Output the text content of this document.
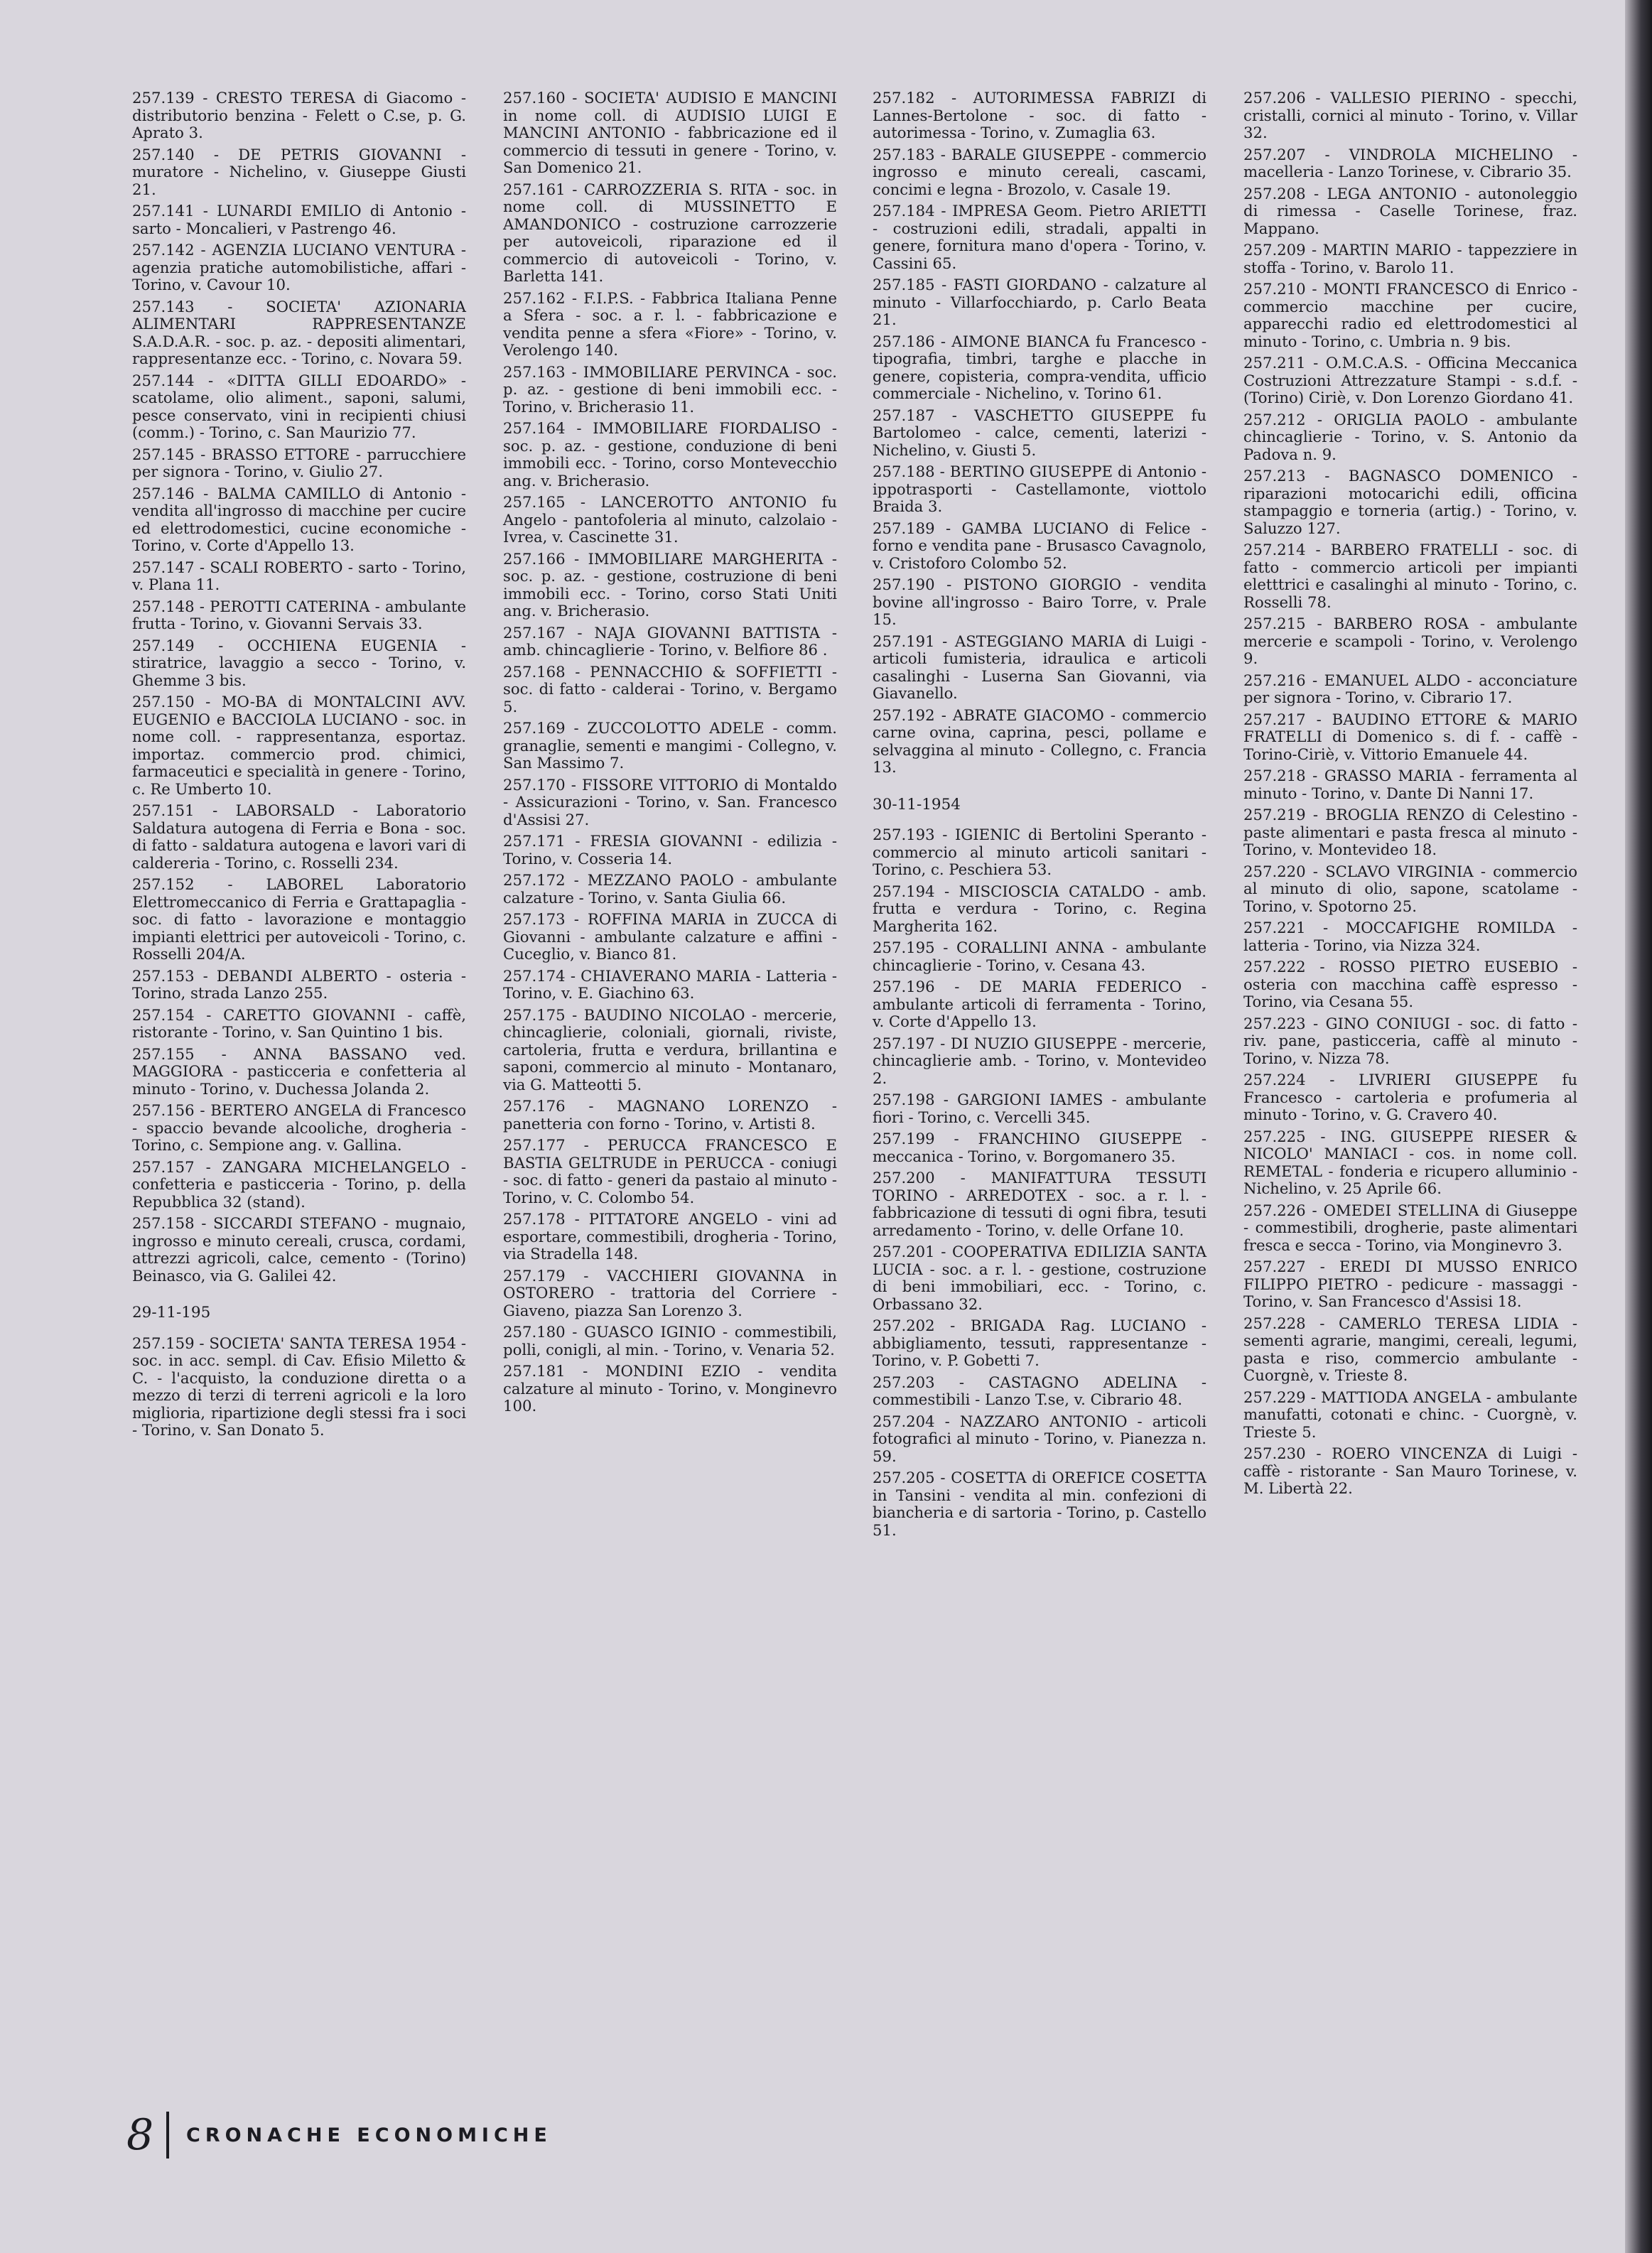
257.139 - CRESTO TERESA di Giacomo - distributorio benzina - Felett o C.se, p. G. Aprato 3.

257.140 - DE PETRIS GIOVANNI - muratore - Nichelino, v. Giuseppe Giusti 21.

257.141 - LUNARDI EMILIO di Antonio - sarto - Moncalieri, v Pastrengo 46.

257.142 - AGENZIA LUCIANO VENTURA - agenzia pratiche automobilistiche, affari - Torino, v. Cavour 10.

257.143 - SOCIETA' AZIONARIA ALIMENTARI RAPPRESENTANZE S.A.D.A.R. - soc. p. az. - depositi alimentari, rappresentanze ecc. - Torino, c. Novara 59.

257.144 - «DITTA GILLI EDOARDO» - scatolame, olio aliment., saponi, salumi, pesce conservato, vini in recipienti chiusi (comm.) - Torino, c. San Maurizio 77.

257.145 - BRASSO ETTORE - parrucchiere per signora - Torino, v. Giulio 27.

257.146 - BALMA CAMILLO di Antonio - vendita all'ingrosso di macchine per cucire ed elettrodomestici, cucine economiche - Torino, v. Corte d'Appello 13.

257.147 - SCALI ROBERTO - sarto - Torino, v. Plana 11.

257.148 - PEROTTI CATERINA - ambulante frutta - Torino, v. Giovanni Servais 33.

257.149 - OCCHIENA EUGENIA - stiratrice, lavaggio a secco - Torino, v. Ghemme 3 bis.

257.150 - MO-BA di MONTALCINI AVV. EUGENIO e BACCIOLA LUCIANO - soc. in nome coll. - rappresentanza, esportaz. importaz. commercio prod. chimici, farmaceutici e specialità in genere - Torino, c. Re Umberto 10.

257.151 - LABORSALD - Laboratorio Saldatura autogena di Ferria e Bona - soc. di fatto - saldatura autogena e lavori vari di caldereria - Torino, c. Rosselli 234.

257.152 - LABOREL Laboratorio Elettromeccanico di Ferria e Grattapaglia - soc. di fatto - lavorazione e montaggio impianti elettrici per autoveicoli - Torino, c. Rosselli 204/A.

257.153 - DEBANDI ALBERTO - osteria - Torino, strada Lanzo 255.

257.154 - CARETTO GIOVANNI - caffè, ristorante - Torino, v. San Quintino 1 bis.

257.155 - ANNA BASSANO ved. MAGGIORA - pasticceria e confetteria al minuto - Torino, v. Duchessa Jolanda 2.

257.156 - BERTERO ANGELA di Francesco - spaccio bevande alcooliche, drogheria - Torino, c. Sempione ang. v. Gallina.

257.157 - ZANGARA MICHELANGELO - confetteria e pasticceria - Torino, p. della Repubblica 32 (stand).

257.158 - SICCARDI STEFANO - mugnaio, ingrosso e minuto cereali, crusca, cordami, attrezzi agricoli, calce, cemento - (Torino) Beinasco, via G. Galilei 42.

29-11-195

257.159 - SOCIETA' SANTA TERESA 1954 - soc. in acc. sempl. di Cav. Efisio Miletto & C. - l'acquisto, la conduzione diretta o a mezzo di terzi di terreni agricoli e la loro miglioria, ripartizione degli stessi fra i soci - Torino, v. San Donato 5.

257.160 - SOCIETA' AUDISIO E MANCINI in nome coll. di AUDISIO LUIGI E MANCINI ANTONIO - fabbricazione ed il commercio di tessuti in genere - Torino, v. San Domenico 21.

257.161 - CARROZZERIA S. RITA - soc. in nome coll. di MUSSINETTO E AMANDONICO - costruzione carrozzerie per autoveicoli, riparazione ed il commercio di autoveicoli - Torino, v. Barletta 141.

257.162 - F.I.P.S. - Fabbrica Italiana Penne a Sfera - soc. a r. l. - fabbricazione e vendita penne a sfera «Fiore» - Torino, v. Verolengo 140.

257.163 - IMMOBILIARE PERVINCA - soc. p. az. - gestione di beni immobili ecc. - Torino, v. Bricherasio 11.

257.164 - IMMOBILIARE FIORDALISO - soc. p. az. - gestione, conduzione di beni immobili ecc. - Torino, corso Montevecchio ang. v. Bricherasio.

257.165 - LANCEROTTO ANTONIO fu Angelo - pantofoleria al minuto, calzolaio - Ivrea, v. Cascinette 31.

257.166 - IMMOBILIARE MARGHERITA - soc. p. az. - gestione, costruzione di beni immobili ecc. - Torino, corso Stati Uniti ang. v. Bricherasio.

257.167 - NAJA GIOVANNI BATTISTA - amb. chincaglierie - Torino, v. Belfiore 86 .

257.168 - PENNACCHIO & SOFFIETTI - soc. di fatto - calderai - Torino, v. Bergamo 5.

257.169 - ZUCCOLOTTO ADELE - comm. granaglie, sementi e mangimi - Collegno, v. San Massimo 7.

257.170 - FISSORE VITTORIO di Montaldo - Assicurazioni - Torino, v. San. Francesco d'Assisi 27.

257.171 - FRESIA GIOVANNI - edilizia - Torino, v. Cosseria 14.

257.172 - MEZZANO PAOLO - ambulante calzature - Torino, v. Santa Giulia 66.

257.173 - ROFFINA MARIA in ZUCCA di Giovanni - ambulante calzature e affini - Cuceglio, v. Bianco 81.

257.174 - CHIAVERANO MARIA - Latteria - Torino, v. E. Giachino 63.

257.175 - BAUDINO NICOLAO - mercerie, chincaglierie, coloniali, giornali, riviste, cartoleria, frutta e verdura, brillantina e saponi, commercio al minuto - Montanaro, via G. Matteotti 5.

257.176 - MAGNANO LORENZO - panetteria con forno - Torino, v. Artisti 8.

257.177 - PERUCCA FRANCESCO E BASTIA GELTRUDE in PERUCCA - coniugi - soc. di fatto - generi da pastaio al minuto - Torino, v. C. Colombo 54.

257.178 - PITTATORE ANGELO - vini ad esportare, commestibili, drogheria - Torino, via Stradella 148.

257.179 - VACCHIERI GIOVANNA in OSTORERO - trattoria del Corriere - Giaveno, piazza San Lorenzo 3.

257.180 - GUASCO IGINIO - commestibili, polli, conigli, al min. - Torino, v. Venaria 52.

257.181 - MONDINI EZIO - vendita calzature al minuto - Torino, v. Monginevro 100.

257.182 - AUTORIMESSA FABRIZI di Lannes-Bertolone - soc. di fatto - autorimessa - Torino, v. Zumaglia 63.

257.183 - BARALE GIUSEPPE - commercio ingrosso e minuto cereali, cascami, concimi e legna - Brozolo, v. Casale 19.

257.184 - IMPRESA Geom. Pietro ARIETTI - costruzioni edili, stradali, appalti in genere, fornitura mano d'opera - Torino, v. Cassini 65.

257.185 - FASTI GIORDANO - calzature al minuto - Villarfocchiardo, p. Carlo Beata 21.

257.186 - AIMONE BIANCA fu Francesco - tipografia, timbri, targhe e placche in genere, copisteria, compra-vendita, ufficio commerciale - Nichelino, v. Torino 61.

257.187 - VASCHETTO GIUSEPPE fu Bartolomeo - calce, cementi, laterizi - Nichelino, v. Giusti 5.

257.188 - BERTINO GIUSEPPE di Antonio - ippotrasporti - Castellamonte, viottolo Braida 3.

257.189 - GAMBA LUCIANO di Felice - forno e vendita pane - Brusasco Cavagnolo, v. Cristoforo Colombo 52.

257.190 - PISTONO GIORGIO - vendita bovine all'ingrosso - Bairo Torre, v. Prale 15.

257.191 - ASTEGGIANO MARIA di Luigi - articoli fumisteria, idraulica e articoli casalinghi - Luserna San Giovanni, via Giavanello.

257.192 - ABRATE GIACOMO - commercio carne ovina, caprina, pesci, pollame e selvaggina al minuto - Collegno, c. Francia 13.

30-11-1954

257.193 - IGIENIC di Bertolini Speranto - commercio al minuto articoli sanitari - Torino, c. Peschiera 53.

257.194 - MISCIOSCIA CATALDO - amb. frutta e verdura - Torino, c. Regina Margherita 162.

257.195 - CORALLINI ANNA - ambulante chincaglierie - Torino, v. Cesana 43.

257.196 - DE MARIA FEDERICO - ambulante articoli di ferramenta - Torino, v. Corte d'Appello 13.

257.197 - DI NUZIO GIUSEPPE - mercerie, chincaglierie amb. - Torino, v. Montevideo 2.

257.198 - GARGIONI IAMES - ambulante fiori - Torino, c. Vercelli 345.

257.199 - FRANCHINO GIUSEPPE - meccanica - Torino, v. Borgomanero 35.

257.200 - MANIFATTURA TESSUTI TORINO - ARREDOTEX - soc. a r. l. - fabbricazione di tessuti di ogni fibra, tesuti arredamento - Torino, v. delle Orfane 10.

257.201 - COOPERATIVA EDILIZIA SANTA LUCIA - soc. a r. l. - gestione, costruzione di beni immobiliari, ecc. - Torino, c. Orbassano 32.

257.202 - BRIGADA Rag. LUCIANO - abbigliamento, tessuti, rappresentanze - Torino, v. P. Gobetti 7.

257.203 - CASTAGNO ADELINA - commestibili - Lanzo T.se, v. Cibrario 48.

257.204 - NAZZARO ANTONIO - articoli fotografici al minuto - Torino, v. Pianezza n. 59.

257.205 - COSETTA di OREFICE COSETTA in Tansini - vendita al min. confezioni di biancheria e di sartoria - Torino, p. Castello 51.

257.206 - VALLESIO PIERINO - specchi, cristalli, cornici al minuto - Torino, v. Villar 32.

257.207 - VINDROLA MICHELINO - macelleria - Lanzo Torinese, v. Cibrario 35.

257.208 - LEGA ANTONIO - autonoleggio di rimessa - Caselle Torinese, fraz. Mappano.

257.209 - MARTIN MARIO - tappezziere in stoffa - Torino, v. Barolo 11.

257.210 - MONTI FRANCESCO di Enrico - commercio macchine per cucire, apparecchi radio ed elettrodomestici al minuto - Torino, c. Umbria n. 9 bis.

257.211 - O.M.C.A.S. - Officina Meccanica Costruzioni Attrezzature Stampi - s.d.f. - (Torino) Ciriè, v. Don Lorenzo Giordano 41.

257.212 - ORIGLIA PAOLO - ambulante chincaglierie - Torino, v. S. Antonio da Padova n. 9.

257.213 - BAGNASCO DOMENICO - riparazioni motocarichi edili, officina stampaggio e torneria (artig.) - Torino, v. Saluzzo 127.

257.214 - BARBERO FRATELLI - soc. di fatto - commercio articoli per impianti eletttrici e casalinghi al minuto - Torino, c. Rosselli 78.

257.215 - BARBERO ROSA - ambulante mercerie e scampoli - Torino, v. Verolengo 9.

257.216 - EMANUEL ALDO - acconciature per signora - Torino, v. Cibrario 17.

257.217 - BAUDINO ETTORE & MARIO FRATELLI di Domenico s. di f. - caffè - Torino-Ciriè, v. Vittorio Emanuele 44.

257.218 - GRASSO MARIA - ferramenta al minuto - Torino, v. Dante Di Nanni 17.

257.219 - BROGLIA RENZO di Celestino - paste alimentari e pasta fresca al minuto - Torino, v. Montevideo 18.

257.220 - SCLAVO VIRGINIA - commercio al minuto di olio, sapone, scatolame - Torino, v. Spotorno 25.

257.221 - MOCCAFIGHE ROMILDA - latteria - Torino, via Nizza 324.

257.222 - ROSSO PIETRO EUSEBIO - osteria con macchina caffè espresso - Torino, via Cesana 55.

257.223 - GINO CONIUGI - soc. di fatto - riv. pane, pasticceria, caffè al minuto - Torino, v. Nizza 78.

257.224 - LIVRIERI GIUSEPPE fu Francesco - cartoleria e profumeria al minuto - Torino, v. G. Cravero 40.

257.225 - ING. GIUSEPPE RIESER & NICOLO' MANIACI - cos. in nome coll. REMETAL - fonderia e ricupero alluminio - Nichelino, v. 25 Aprile 66.

257.226 - OMEDEI STELLINA di Giuseppe - commestibili, drogherie, paste alimentari fresca e secca - Torino, via Monginevro 3.

257.227 - EREDI DI MUSSO ENRICO FILIPPO PIETRO - pedicure - massaggi - Torino, v. San Francesco d'Assisi 18.

257.228 - CAMERLO TERESA LIDIA - sementi agrarie, mangimi, cereali, legumi, pasta e riso, commercio ambulante - Cuorgnè, v. Trieste 8.

257.229 - MATTIODA ANGELA - ambulante manufatti, cotonati e chinc. - Cuorgnè, v. Trieste 5.

257.230 - ROERO VINCENZA di Luigi - caffè - ristorante - San Mauro Torinese, v. M. Libertà 22.

8 CRONACHE ECONOMICHE
